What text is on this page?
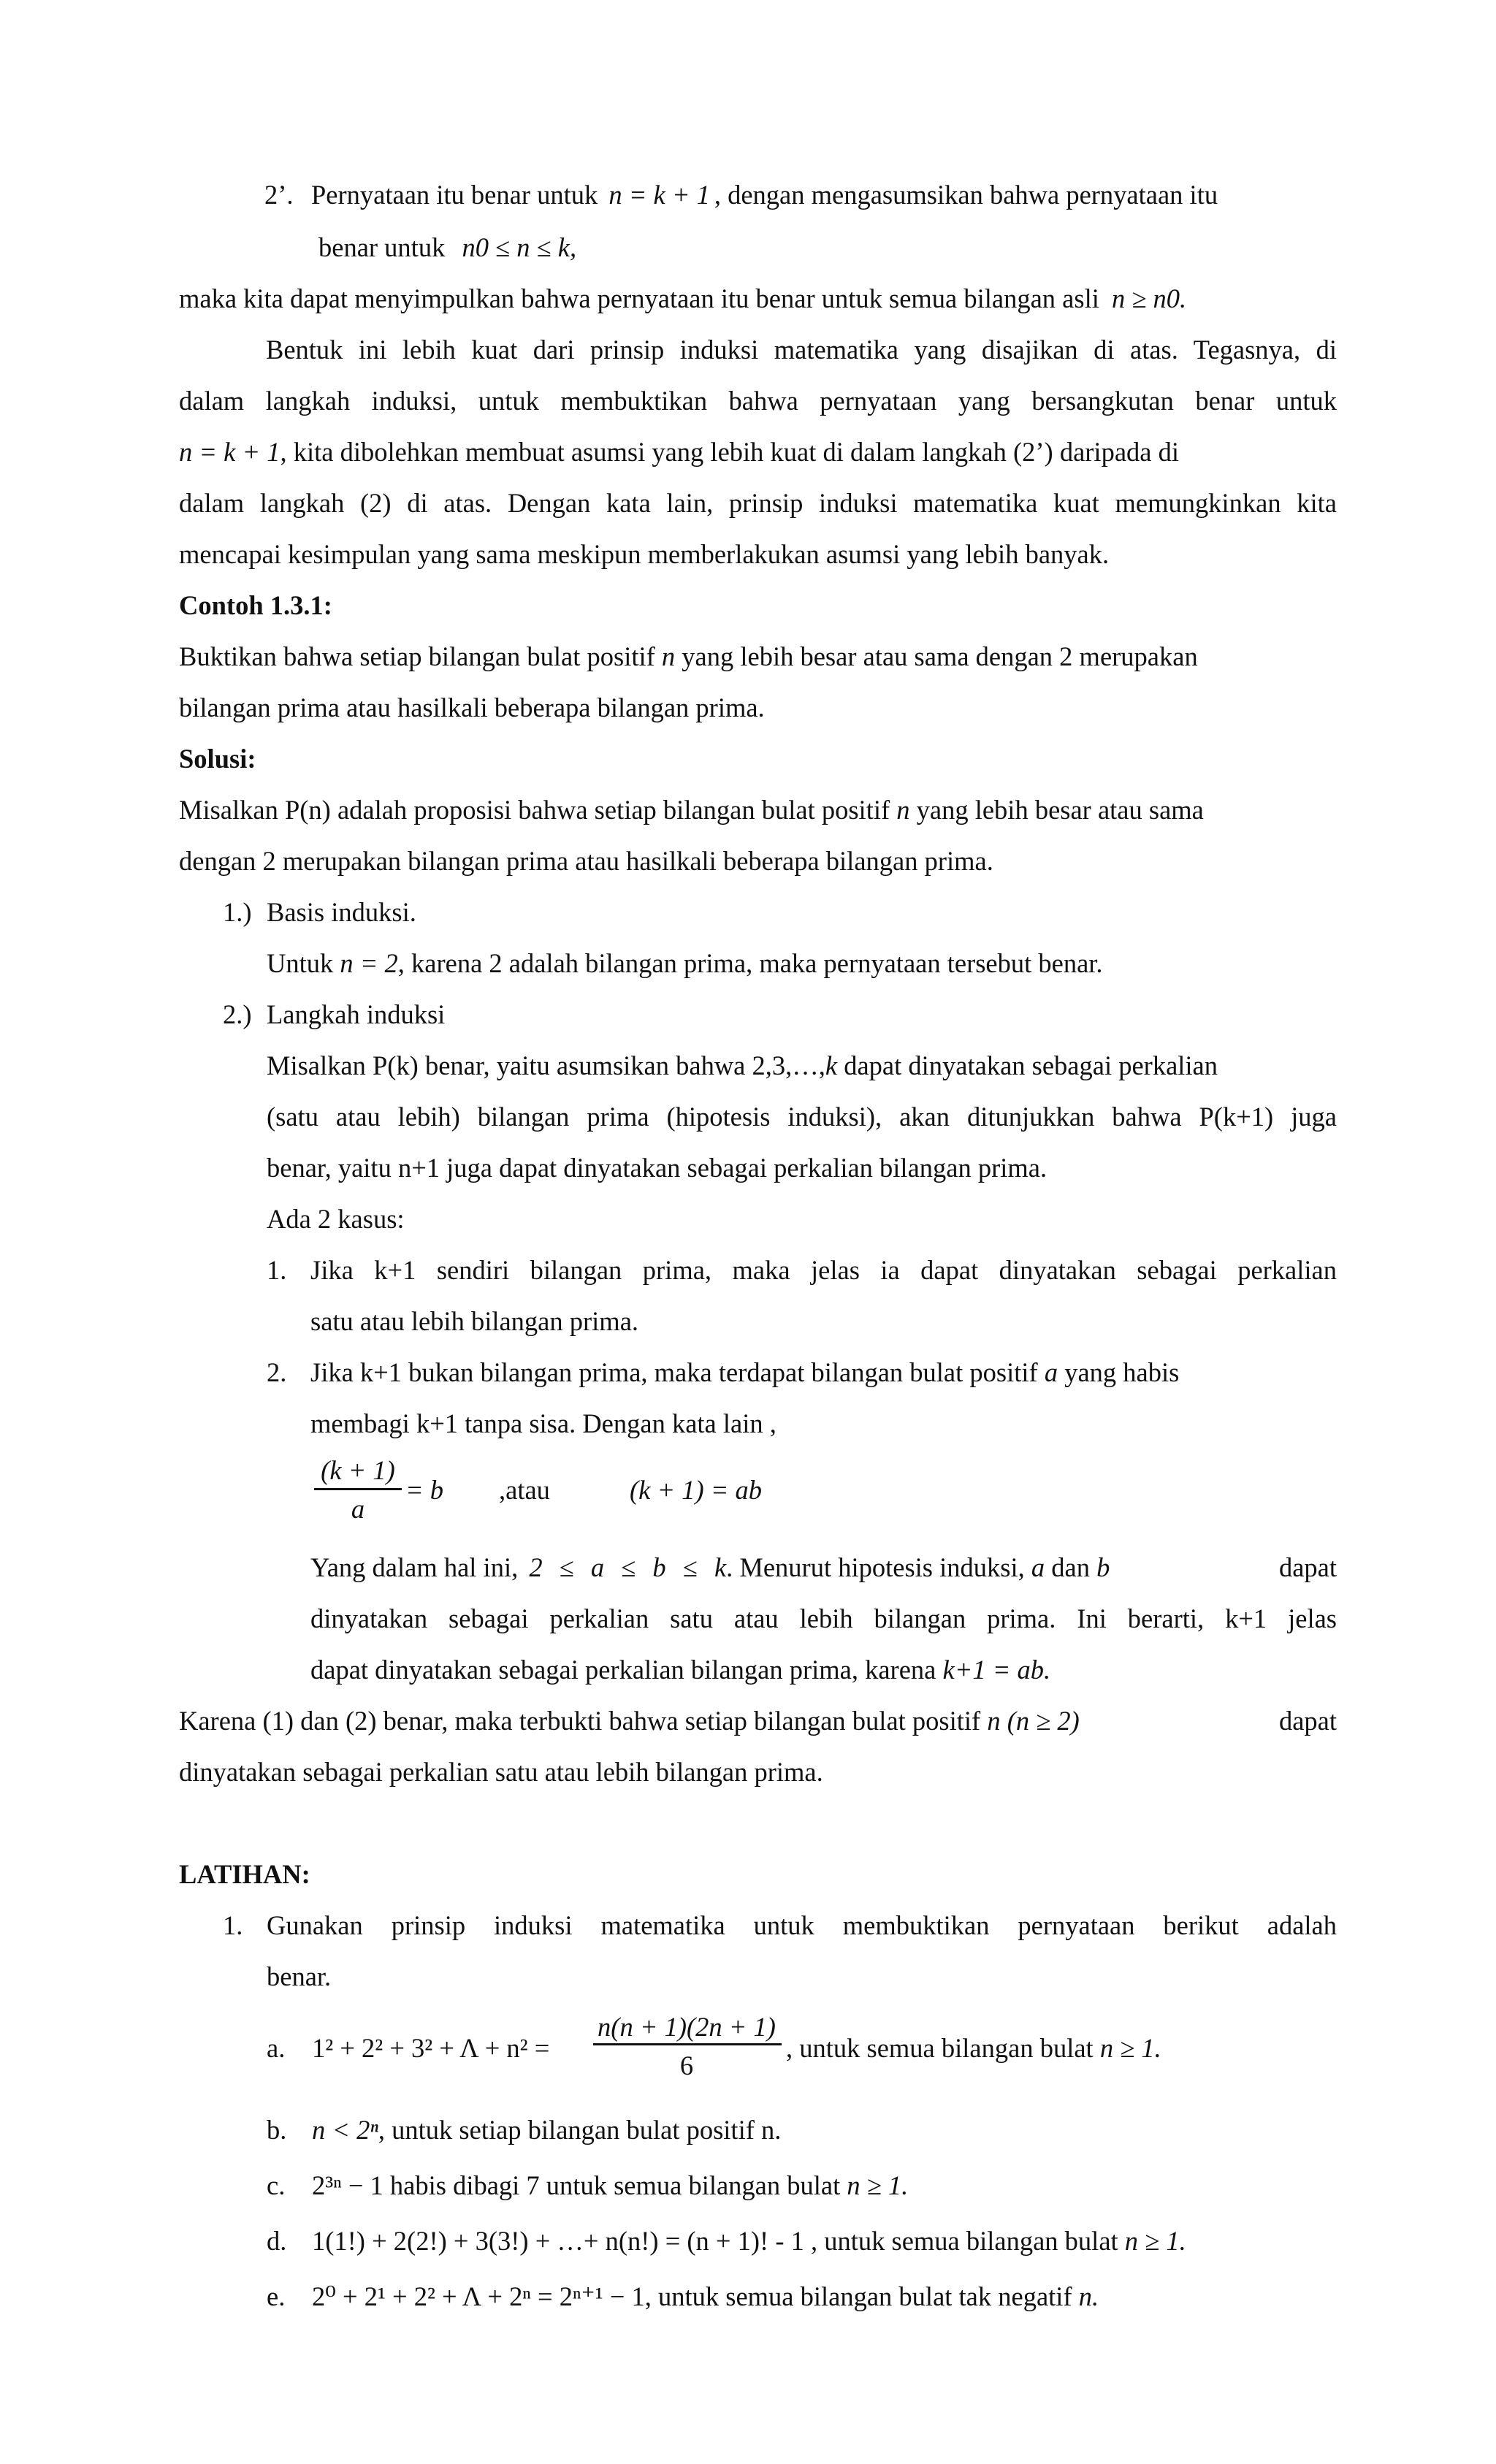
2’. Pernyataan itu benar untuk n = k + 1 , dengan mengasumsikan bahwa pernyataan itu
benar untuk n0 ≤ n ≤ k,
maka kita dapat menyimpulkan bahwa pernyataan itu benar untuk semua bilangan asli n ≥ n0.
Bentuk ini lebih kuat dari prinsip induksi matematika yang disajikan di atas. Tegasnya, di
dalam langkah induksi, untuk membuktikan bahwa pernyataan yang bersangkutan benar untuk
n = k + 1, kita dibolehkan membuat asumsi yang lebih kuat di dalam langkah (2’) daripada di
dalam langkah (2) di atas. Dengan kata lain, prinsip induksi matematika kuat memungkinkan kita
mencapai kesimpulan yang sama meskipun memberlakukan asumsi yang lebih banyak.
Contoh 1.3.1:
Buktikan bahwa setiap bilangan bulat positif n yang lebih besar atau sama dengan 2 merupakan
bilangan prima atau hasilkali beberapa bilangan prima.
Solusi:
Misalkan P(n) adalah proposisi bahwa setiap bilangan bulat positif n yang lebih besar atau sama
dengan 2 merupakan bilangan prima atau hasilkali beberapa bilangan prima.
1.) Basis induksi.
Untuk n = 2, karena 2 adalah bilangan prima, maka pernyataan tersebut benar.
2.) Langkah induksi
Misalkan P(k) benar, yaitu asumsikan bahwa 2,3,…,k dapat dinyatakan sebagai perkalian
(satu atau lebih) bilangan prima (hipotesis induksi), akan ditunjukkan bahwa P(k+1) juga
benar, yaitu n+1 juga dapat dinyatakan sebagai perkalian bilangan prima.
Ada 2 kasus:
1. Jika k+1 sendiri bilangan prima, maka jelas ia dapat dinyatakan sebagai perkalian
satu atau lebih bilangan prima.
2. Jika k+1 bukan bilangan prima, maka terdapat bilangan bulat positif a yang habis
membagi k+1 tanpa sisa. Dengan kata lain ,
(k + 1)
a
= b ,atau	(k + 1) = ab
Yang dalam hal ini, 2 ≤ a ≤ b ≤ k. Menurut hipotesis induksi, a dan b	dapat
dinyatakan sebagai perkalian satu atau lebih bilangan prima. Ini berarti, k+1 jelas
dapat dinyatakan sebagai perkalian bilangan prima, karena k+1 = ab.
Karena (1) dan (2) benar, maka terbukti bahwa setiap bilangan bulat positif n (n ≥ 2)	dapat
dinyatakan sebagai perkalian satu atau lebih bilangan prima.
LATIHAN:
1. Gunakan prinsip induksi matematika untuk membuktikan pernyataan berikut adalah
benar.
a. 1² + 2² + 3² + Λ + n² =
n(n + 1)(2n + 1)
6
, untuk semua bilangan bulat n ≥ 1.
b. n < 2ⁿ, untuk setiap bilangan bulat positif n.
c. 2³ⁿ − 1 habis dibagi 7 untuk semua bilangan bulat n ≥ 1.
d. 1(1!) + 2(2!) + 3(3!) + …+ n(n!) = (n + 1)! - 1 , untuk semua bilangan bulat n ≥ 1.
e. 2⁰ + 2¹ + 2² + Λ + 2ⁿ = 2ⁿ⁺¹ − 1, untuk semua bilangan bulat tak negatif n.
